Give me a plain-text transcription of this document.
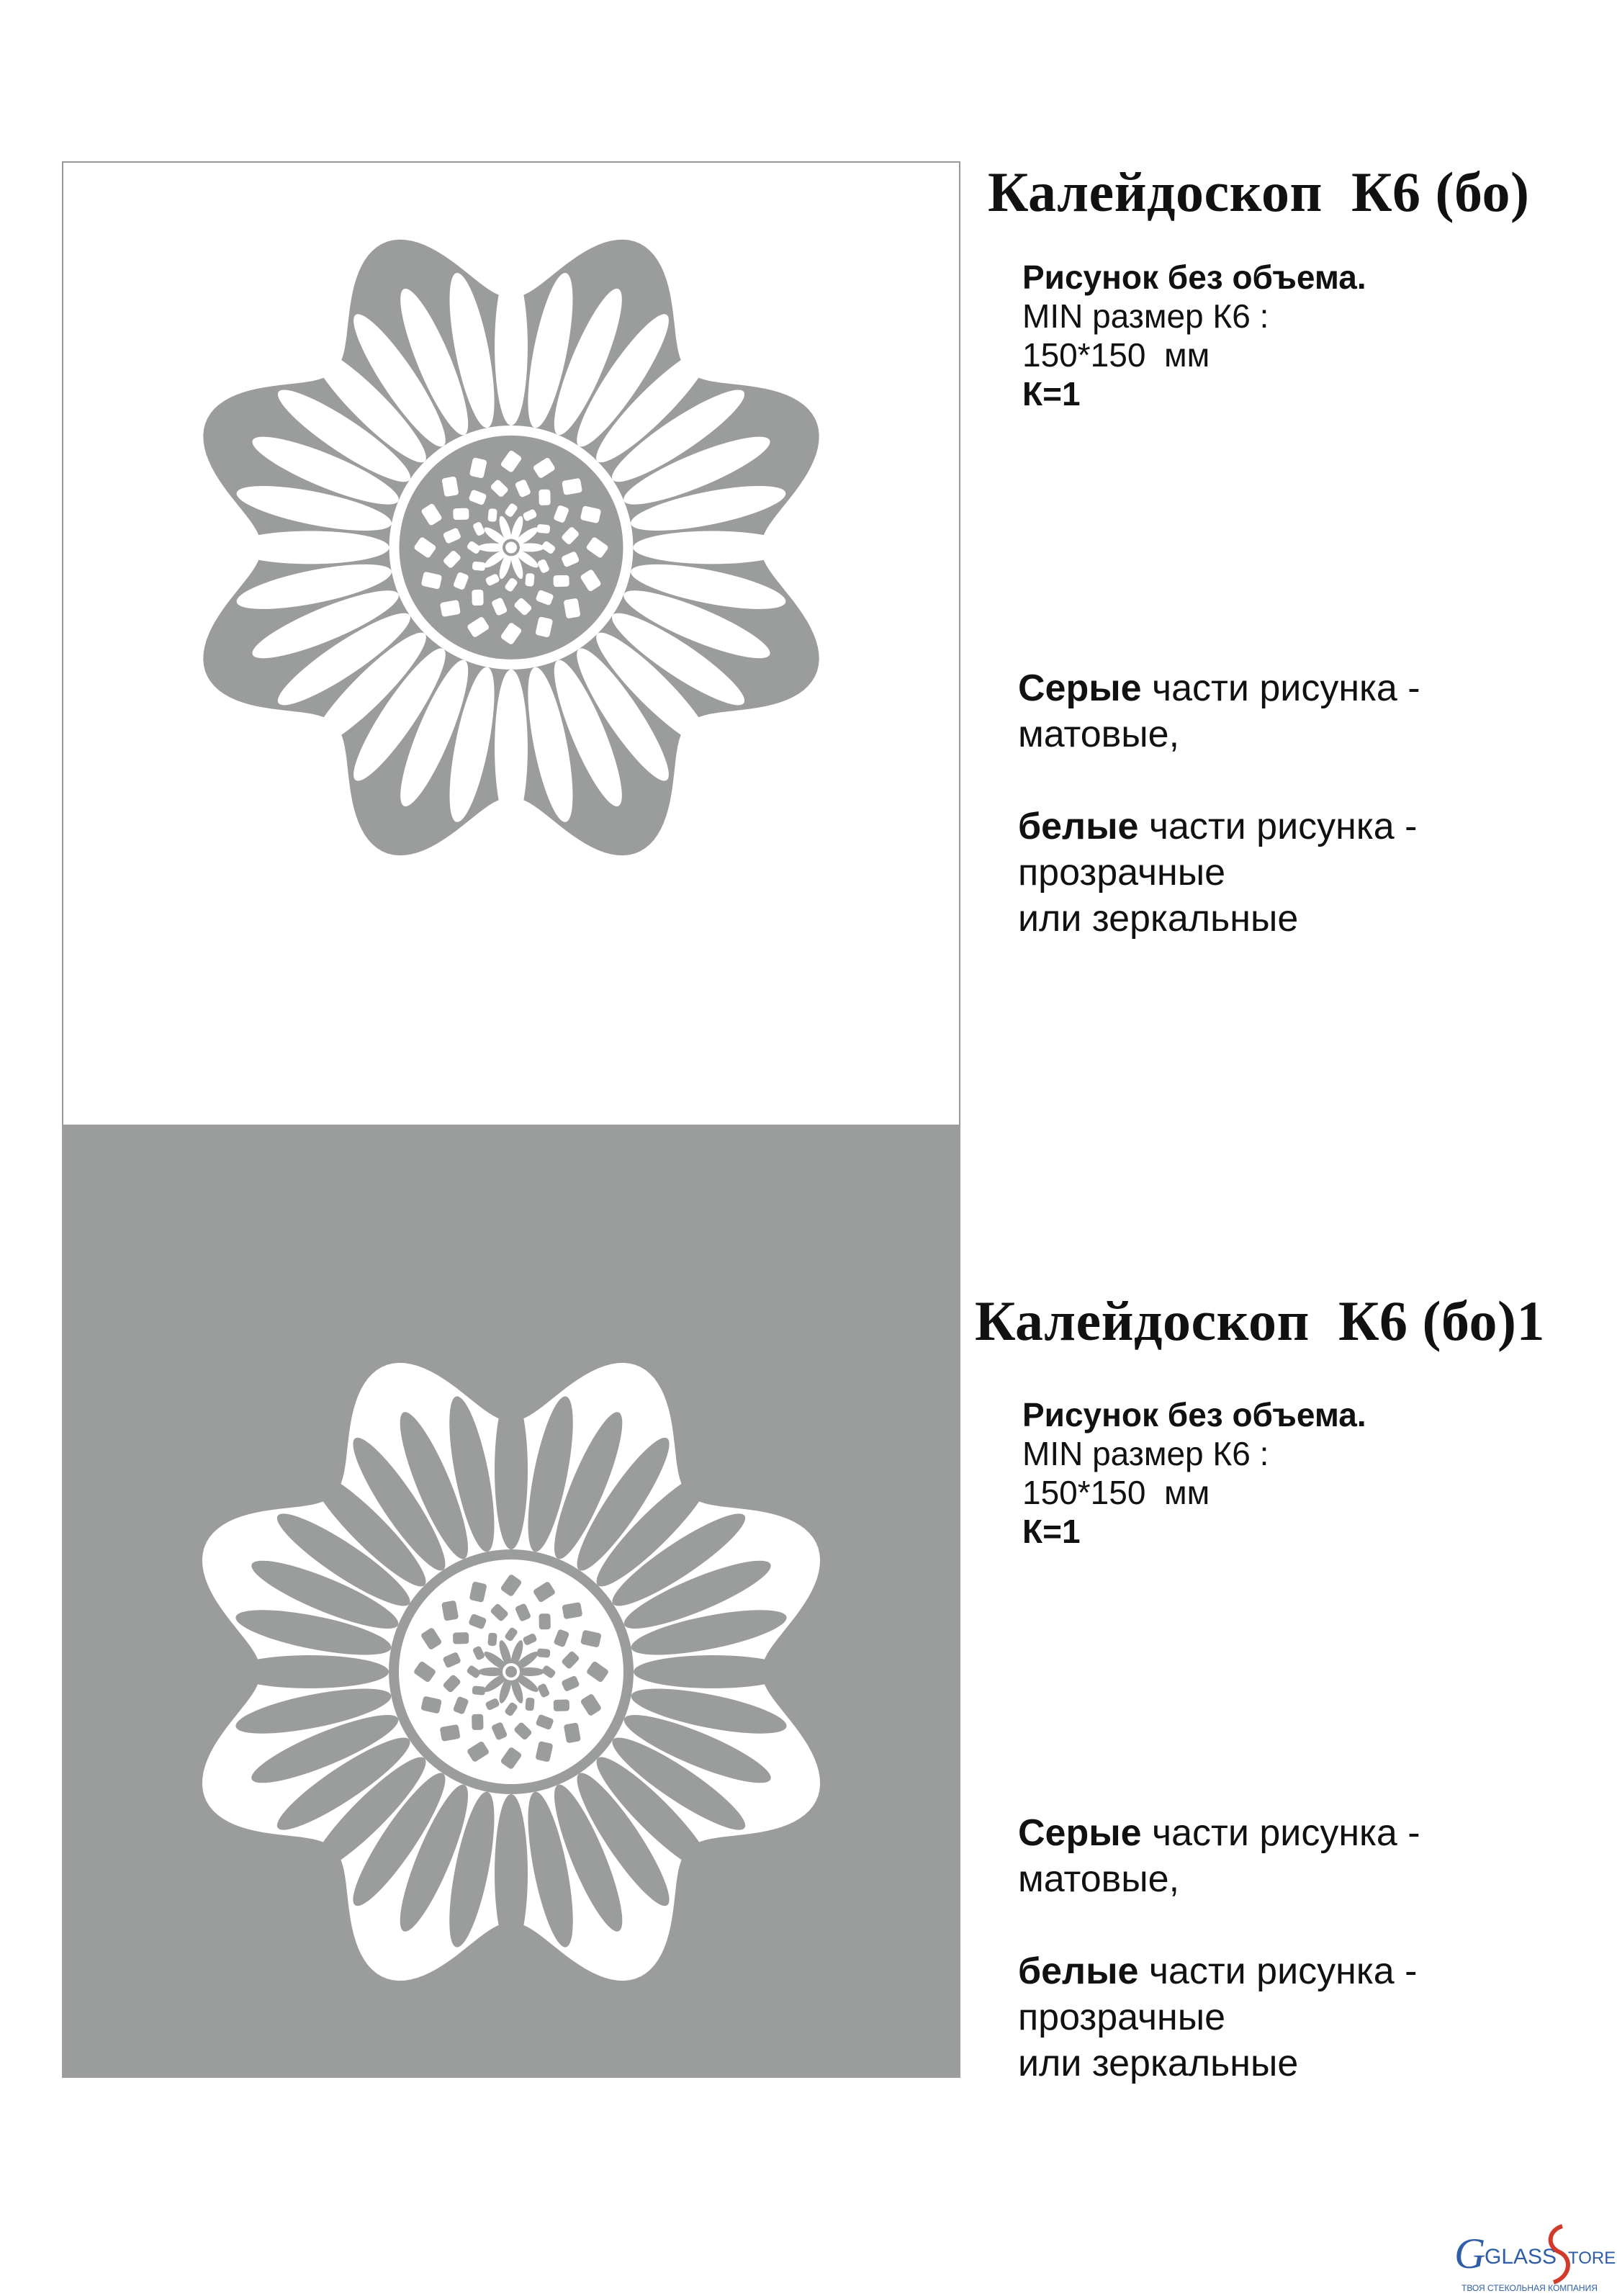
Калейдоскоп  К6 (бо)
Рисунок без объема.
MIN размер К6 :
150*150  мм
К=1

Серые части рисунка -

матовые,

белые части рисунка -

прозрачные

или зеркальные

Калейдоскоп  К6 (бо)1
Рисунок без объема.
MIN размер К6 :
150*150  мм
К=1

Серые части рисунка -

матовые,

белые части рисунка -

прозрачные

или зеркальные

G
GLASS TORE
ТВОЯ СТЕКОЛЬНАЯ КОМПАНИЯ
